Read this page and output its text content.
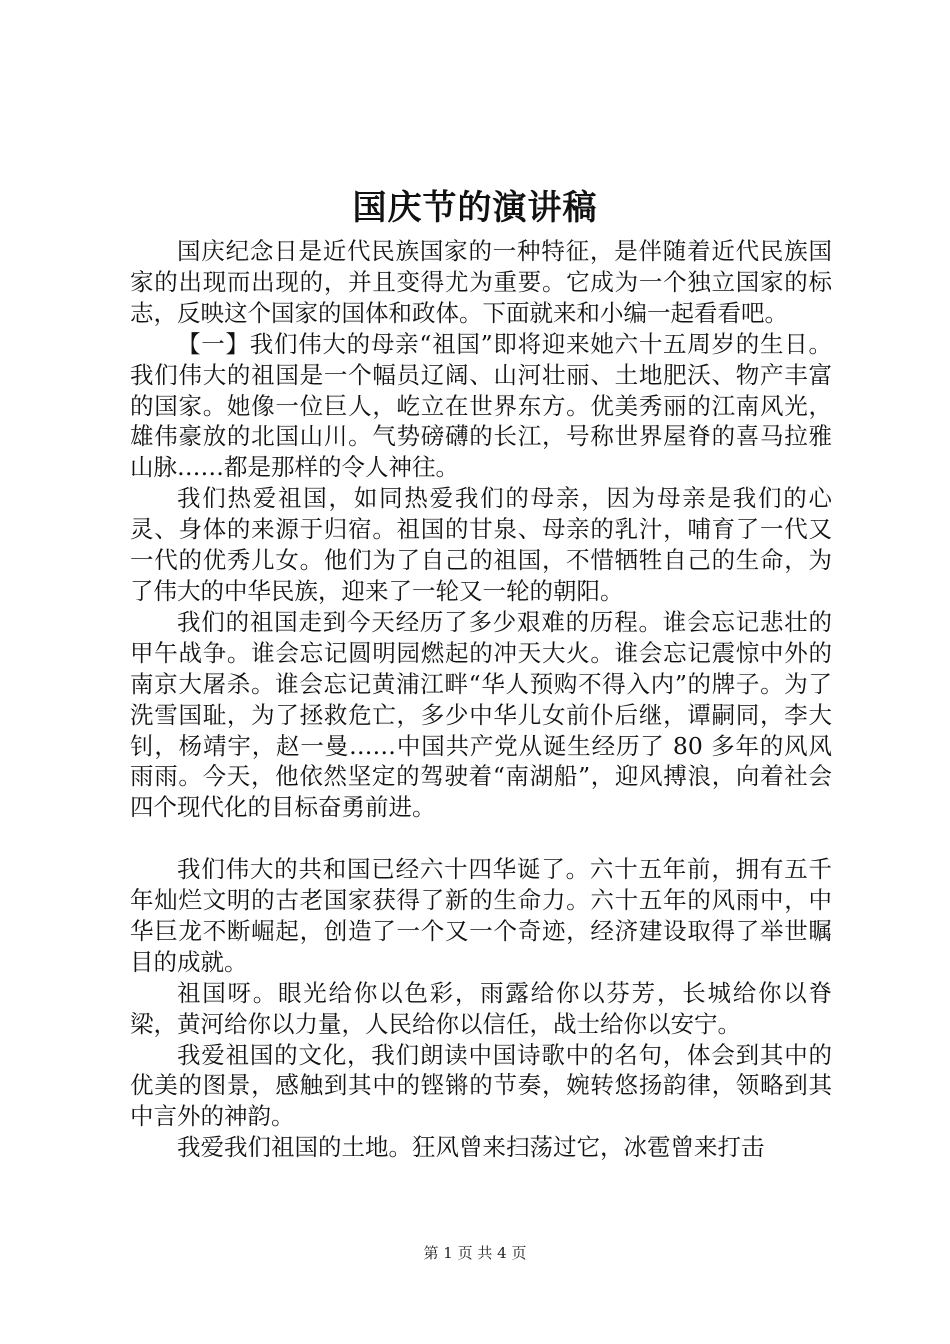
国庆节的演讲稿

国庆纪念日是近代民族国家的一种特征，是伴随着近代民族国家的出现而出现的，并且变得尤为重要。它成为一个独立国家的标志，反映这个国家的国体和政体。下面就来和小编一起看看吧。

【一】我们伟大的母亲“祖国”即将迎来她六十五周岁的生日。我们伟大的祖国是一个幅员辽阔、山河壮丽、土地肥沃、物产丰富的国家。她像一位巨人，屹立在世界东方。优美秀丽的江南风光，雄伟豪放的北国山川。气势磅礴的长江，号称世界屋脊的喜马拉雅山脉……都是那样的令人神往。

我们热爱祖国，如同热爱我们的母亲，因为母亲是我们的心灵、身体的来源于归宿。祖国的甘泉、母亲的乳汁，哺育了一代又一代的优秀儿女。他们为了自己的祖国，不惜牺牲自己的生命，为了伟大的中华民族，迎来了一轮又一轮的朝阳。

我们的祖国走到今天经历了多少艰难的历程。谁会忘记悲壮的甲午战争。谁会忘记圆明园燃起的冲天大火。谁会忘记震惊中外的南京大屠杀。谁会忘记黄浦江畔“华人预购不得入内”的牌子。为了洗雪国耻，为了拯救危亡，多少中华儿女前仆后继，谭嗣同，李大钊，杨靖宇，赵一曼……中国共产党从诞生经历了 80 多年的风风雨雨。今天，他依然坚定的驾驶着“南湖船”，迎风搏浪，向着社会四个现代化的目标奋勇前进。

我们伟大的共和国已经六十四华诞了。六十五年前，拥有五千年灿烂文明的古老国家获得了新的生命力。六十五年的风雨中，中华巨龙不断崛起，创造了一个又一个奇迹，经济建设取得了举世瞩目的成就。

祖国呀。眼光给你以色彩，雨露给你以芬芳，长城给你以脊梁，黄河给你以力量，人民给你以信任，战士给你以安宁。

我爱祖国的文化，我们朗读中国诗歌中的名句，体会到其中的优美的图景，感触到其中的铿锵的节奏，婉转悠扬韵律，领略到其中言外的神韵。

我爱我们祖国的土地。狂风曾来扫荡过它，冰雹曾来打击

第 1 页 共 4 页
